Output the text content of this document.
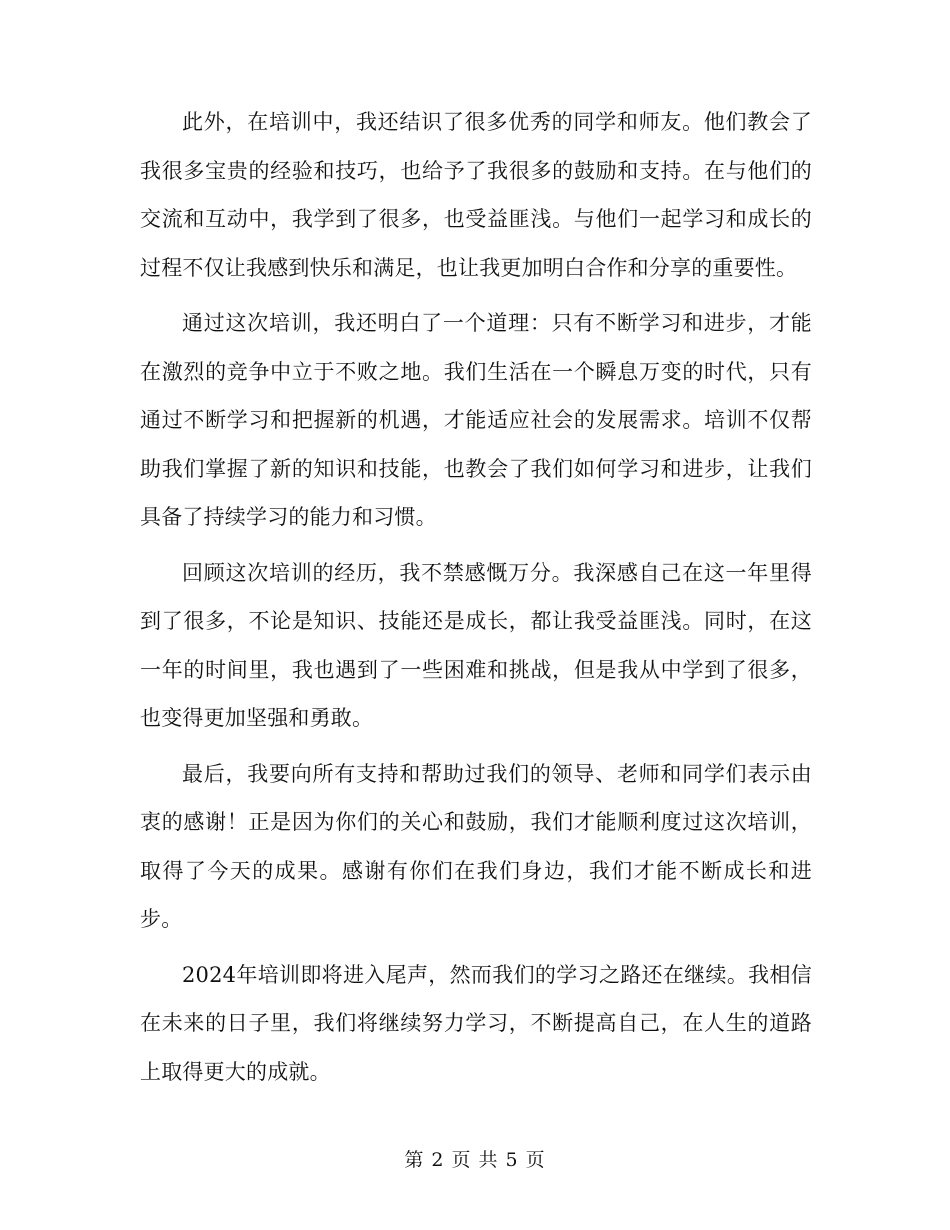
此外，在培训中，我还结识了很多优秀的同学和师友。他们教会了我很多宝贵的经验和技巧，也给予了我很多的鼓励和支持。在与他们的交流和互动中，我学到了很多，也受益匪浅。与他们一起学习和成长的过程不仅让我感到快乐和满足，也让我更加明白合作和分享的重要性。

通过这次培训，我还明白了一个道理：只有不断学习和进步，才能在激烈的竞争中立于不败之地。我们生活在一个瞬息万变的时代，只有通过不断学习和把握新的机遇，才能适应社会的发展需求。培训不仅帮助我们掌握了新的知识和技能，也教会了我们如何学习和进步，让我们具备了持续学习的能力和习惯。

回顾这次培训的经历，我不禁感慨万分。我深感自己在这一年里得到了很多，不论是知识、技能还是成长，都让我受益匪浅。同时，在这一年的时间里，我也遇到了一些困难和挑战，但是我从中学到了很多，也变得更加坚强和勇敢。

最后，我要向所有支持和帮助过我们的领导、老师和同学们表示由衷的感谢！正是因为你们的关心和鼓励，我们才能顺利度过这次培训，取得了今天的成果。感谢有你们在我们身边，我们才能不断成长和进步。

2024年培训即将进入尾声，然而我们的学习之路还在继续。我相信在未来的日子里，我们将继续努力学习，不断提高自己，在人生的道路上取得更大的成就。

第 2 页 共 5 页
